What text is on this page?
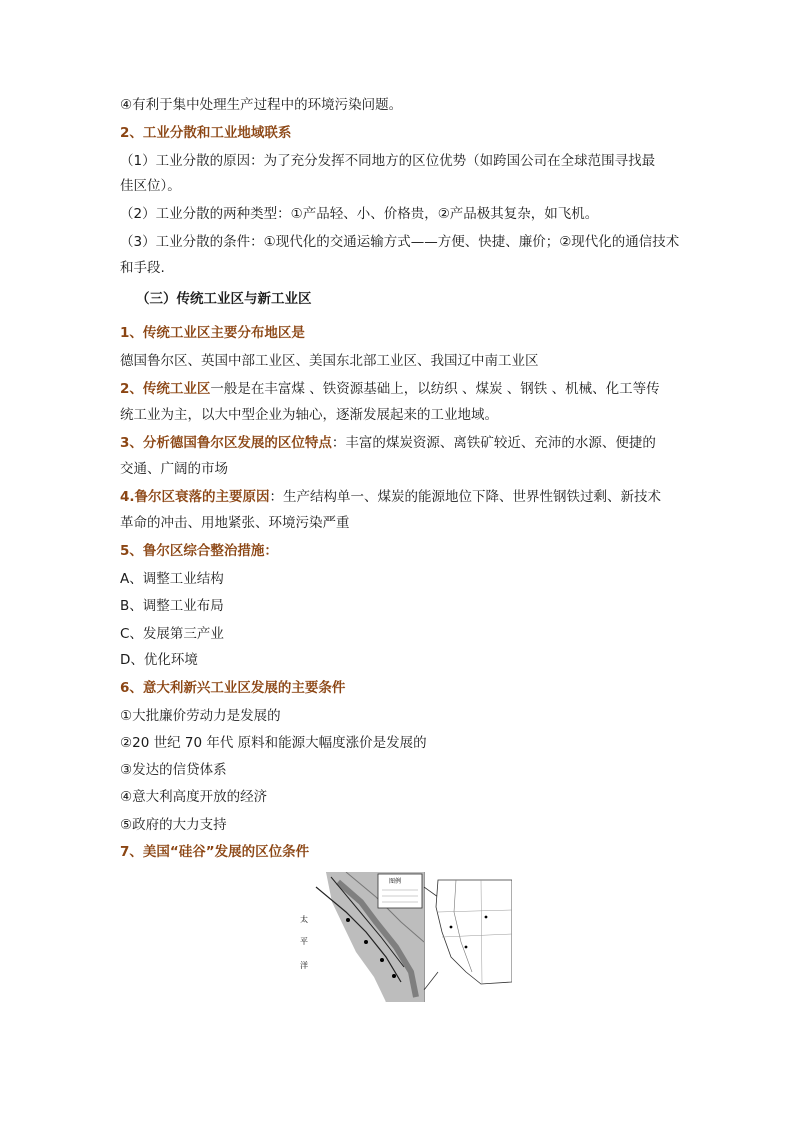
④有利于集中处理生产过程中的环境污染问题。
2、工业分散和工业地域联系
（1）工业分散的原因：为了充分发挥不同地方的区位优势（如跨国公司在全球范围寻找最
佳区位）。
（2）工业分散的两种类型：①产品轻、小、价格贵，②产品极其复杂，如飞机。
（3）工业分散的条件：①现代化的交通运输方式——方便、快捷、廉价；②现代化的通信技术
和手段.
（三）传统工业区与新工业区
1、传统工业区主要分布地区是
德国鲁尔区、英国中部工业区、美国东北部工业区、我国辽中南工业区
2、传统工业区一般是在丰富煤 、铁资源基础上，以纺织 、煤炭 、钢铁 、机械、化工等传
统工业为主，以大中型企业为轴心，逐渐发展起来的工业地域。
3、分析德国鲁尔区发展的区位特点：丰富的煤炭资源、离铁矿较近、充沛的水源、便捷的
交通、广阔的市场
4.鲁尔区衰落的主要原因：生产结构单一、煤炭的能源地位下降、世界性钢铁过剩、新技术
革命的冲击、用地紧张、环境污染严重
5、鲁尔区综合整治措施：
A、调整工业结构
B、调整工业布局
C、发展第三产业
D、优化环境
6、意大利新兴工业区发展的主要条件
①大批廉价劳动力是发展的
②20 世纪 70 年代 原料和能源大幅度涨价是发展的
③发达的信贷体系
④意大利高度开放的经济
⑤政府的大力支持
7、美国“硅谷”发展的区位条件
太
平
洋
图例
